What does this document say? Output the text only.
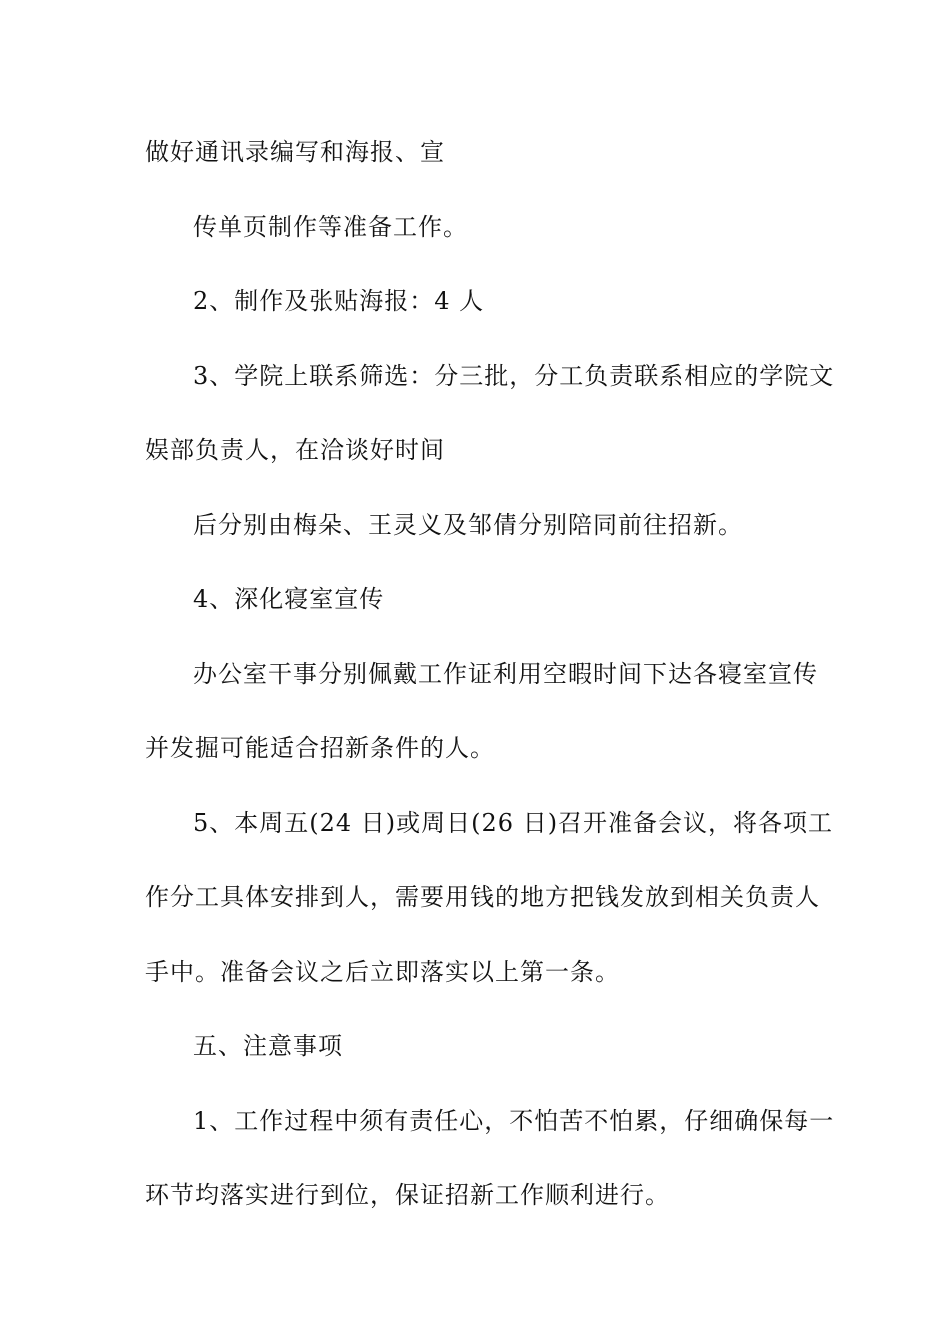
做好通讯录编写和海报、宣
传单页制作等准备工作。
2、制作及张贴海报：4 人
3、学院上联系筛选：分三批，分工负责联系相应的学院文
娱部负责人，在洽谈好时间
后分别由梅朵、王灵义及邹倩分别陪同前往招新。
4、深化寝室宣传
办公室干事分别佩戴工作证利用空暇时间下达各寝室宣传
并发掘可能适合招新条件的人。
5、本周五(24 日)或周日(26 日)召开准备会议，将各项工
作分工具体安排到人，需要用钱的地方把钱发放到相关负责人
手中。准备会议之后立即落实以上第一条。
五、注意事项
1、工作过程中须有责任心，不怕苦不怕累，仔细确保每一
环节均落实进行到位，保证招新工作顺利进行。
